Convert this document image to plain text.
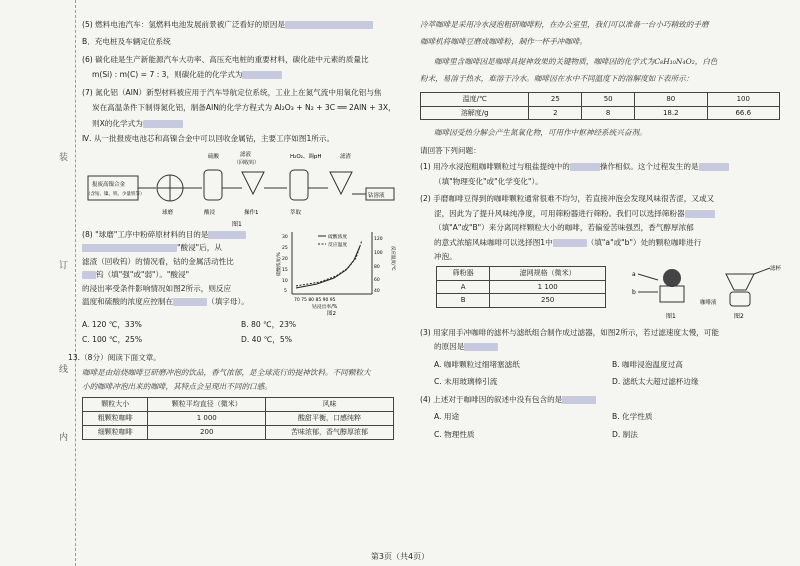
装
订
线
内

(5) 燃料电池汽车：氢燃料电池发展前景被广泛看好的原因是

B．充电桩及车辆定位系统

(6) 碳化硅是生产新能源汽车大功率、高压充电桩的重要材料，碳化硅中元素的质量比

m(Si) : m(C) = 7 : 3，则碳化硅的化学式为

(7) 氮化铝（AlN）新型材料被应用于汽车导航定位系统，工业上在氮气流中用氧化铝与焦

炭在高温条件下制得氮化铝，制备AlN的化学方程式为 Al₂O₃ + N₂ + 3C ══ 2AlN + 3X，

则X的化学式为

Ⅳ. 从一批报废电池芯和高镍合金中可以回收金属钴，主要工序如图1所示。

报废高镍合金
（含钴、镍、铁、少量铁等）
球磨
硫酸
酸浸
滤液
（回收钨）
操作1
H₂O₂、调pH
萃取
滤渣
钴溶液
图1

(8) "球磨"工序中粉碎原材料的目的是

"酸浸"后，从

滤渣（回收钨）的情况看，钴的金属活动性比

钨（填"强"或"弱"）。"酸浸"

的浸出率受条件影响情况如图2所示，则反应

温度和硫酸的浓度应控制在	（填字母）。

30
25
20
15
10
5
120
100
80
60
40
硫酸浓度
反应温度
硫酸浓度/%	反应温度/℃
70 75 80 85 90 95
钴浸出率/%
图2

A. 120 ℃，33%	B. 80 ℃，23%

C. 100 ℃，25%	D. 40 ℃，5%

13.（8分）阅读下面文章。

咖啡是由焙烧咖啡豆研磨冲泡的饮品，香气浓郁，是全球流行的提神饮料。不同颗粒大

小的咖啡冲泡出来的咖啡，其特点会呈现出不同的口感。

颗粒大小	颗粒平均直径（微米）	风味
粗颗粒咖啡	1 000	酸甜平衡，口感纯粹
细颗粒咖啡	200	苦味浓郁，香气醇厚浓郁

冷萃咖啡是采用冷水浸泡粗研咖啡粉，在办公室里，我们可以准备一台小巧精致的手磨

咖啡机将咖啡豆磨成咖啡粉，制作一杯手冲咖啡。

咖啡里含咖啡因是咖啡具提神效果的关键物质，咖啡因的化学式为C₈H₁₀N₄O₂，白色

粉末，易溶于热水，难溶于冷水。咖啡因在水中不同温度下的溶解度如下表所示：

温度/℃	25	50	80	100
溶解度/g	2	8	18.2	66.6

咖啡因受热分解会产生氮氧化物，可用作中枢神经系统兴奋剂。

请回答下列问题：

(1) 用冷水浸泡粗咖啡颗粒过与粗盐提纯中的	操作相似。这个过程发生的是

（填"物理变化"或"化学变化"）。

(2) 手磨咖啡豆得到的咖啡颗粒通常很难不均匀，若直接冲泡会发现风味很苦涩，又或又

涩，因此为了提升风味纯净度，可用筛粉器进行筛粉。我们可以选择筛粉器

（填"A"或"B"）来分离同样颗粒大小的咖啡，若偏爱苦味强烈，香气醇厚浓郁

的意式浓缩风味咖啡可以选择图1中	（填"a"或"b"）处的颗粒咖啡进行

冲泡。

筛粉器	滤网规格（微米）
A	1 100
B	250
a
b
图1
滤杯
咖啡液
图2

(3) 用家用手冲咖啡的滤杯与滤纸组合制作成过滤器，如图2所示，若过滤速度太慢，可能

的原因是

A. 咖啡颗粒过细堵塞滤纸	B. 咖啡浸泡温度过高

C. 未用玻璃棒引流	D. 滤纸太大超过滤杯边缘

(4) 上述对于咖啡因的叙述中没有包含的是

A. 用途	B. 化学性质

C. 物理性质	D. 制法

第3页（共4页）
